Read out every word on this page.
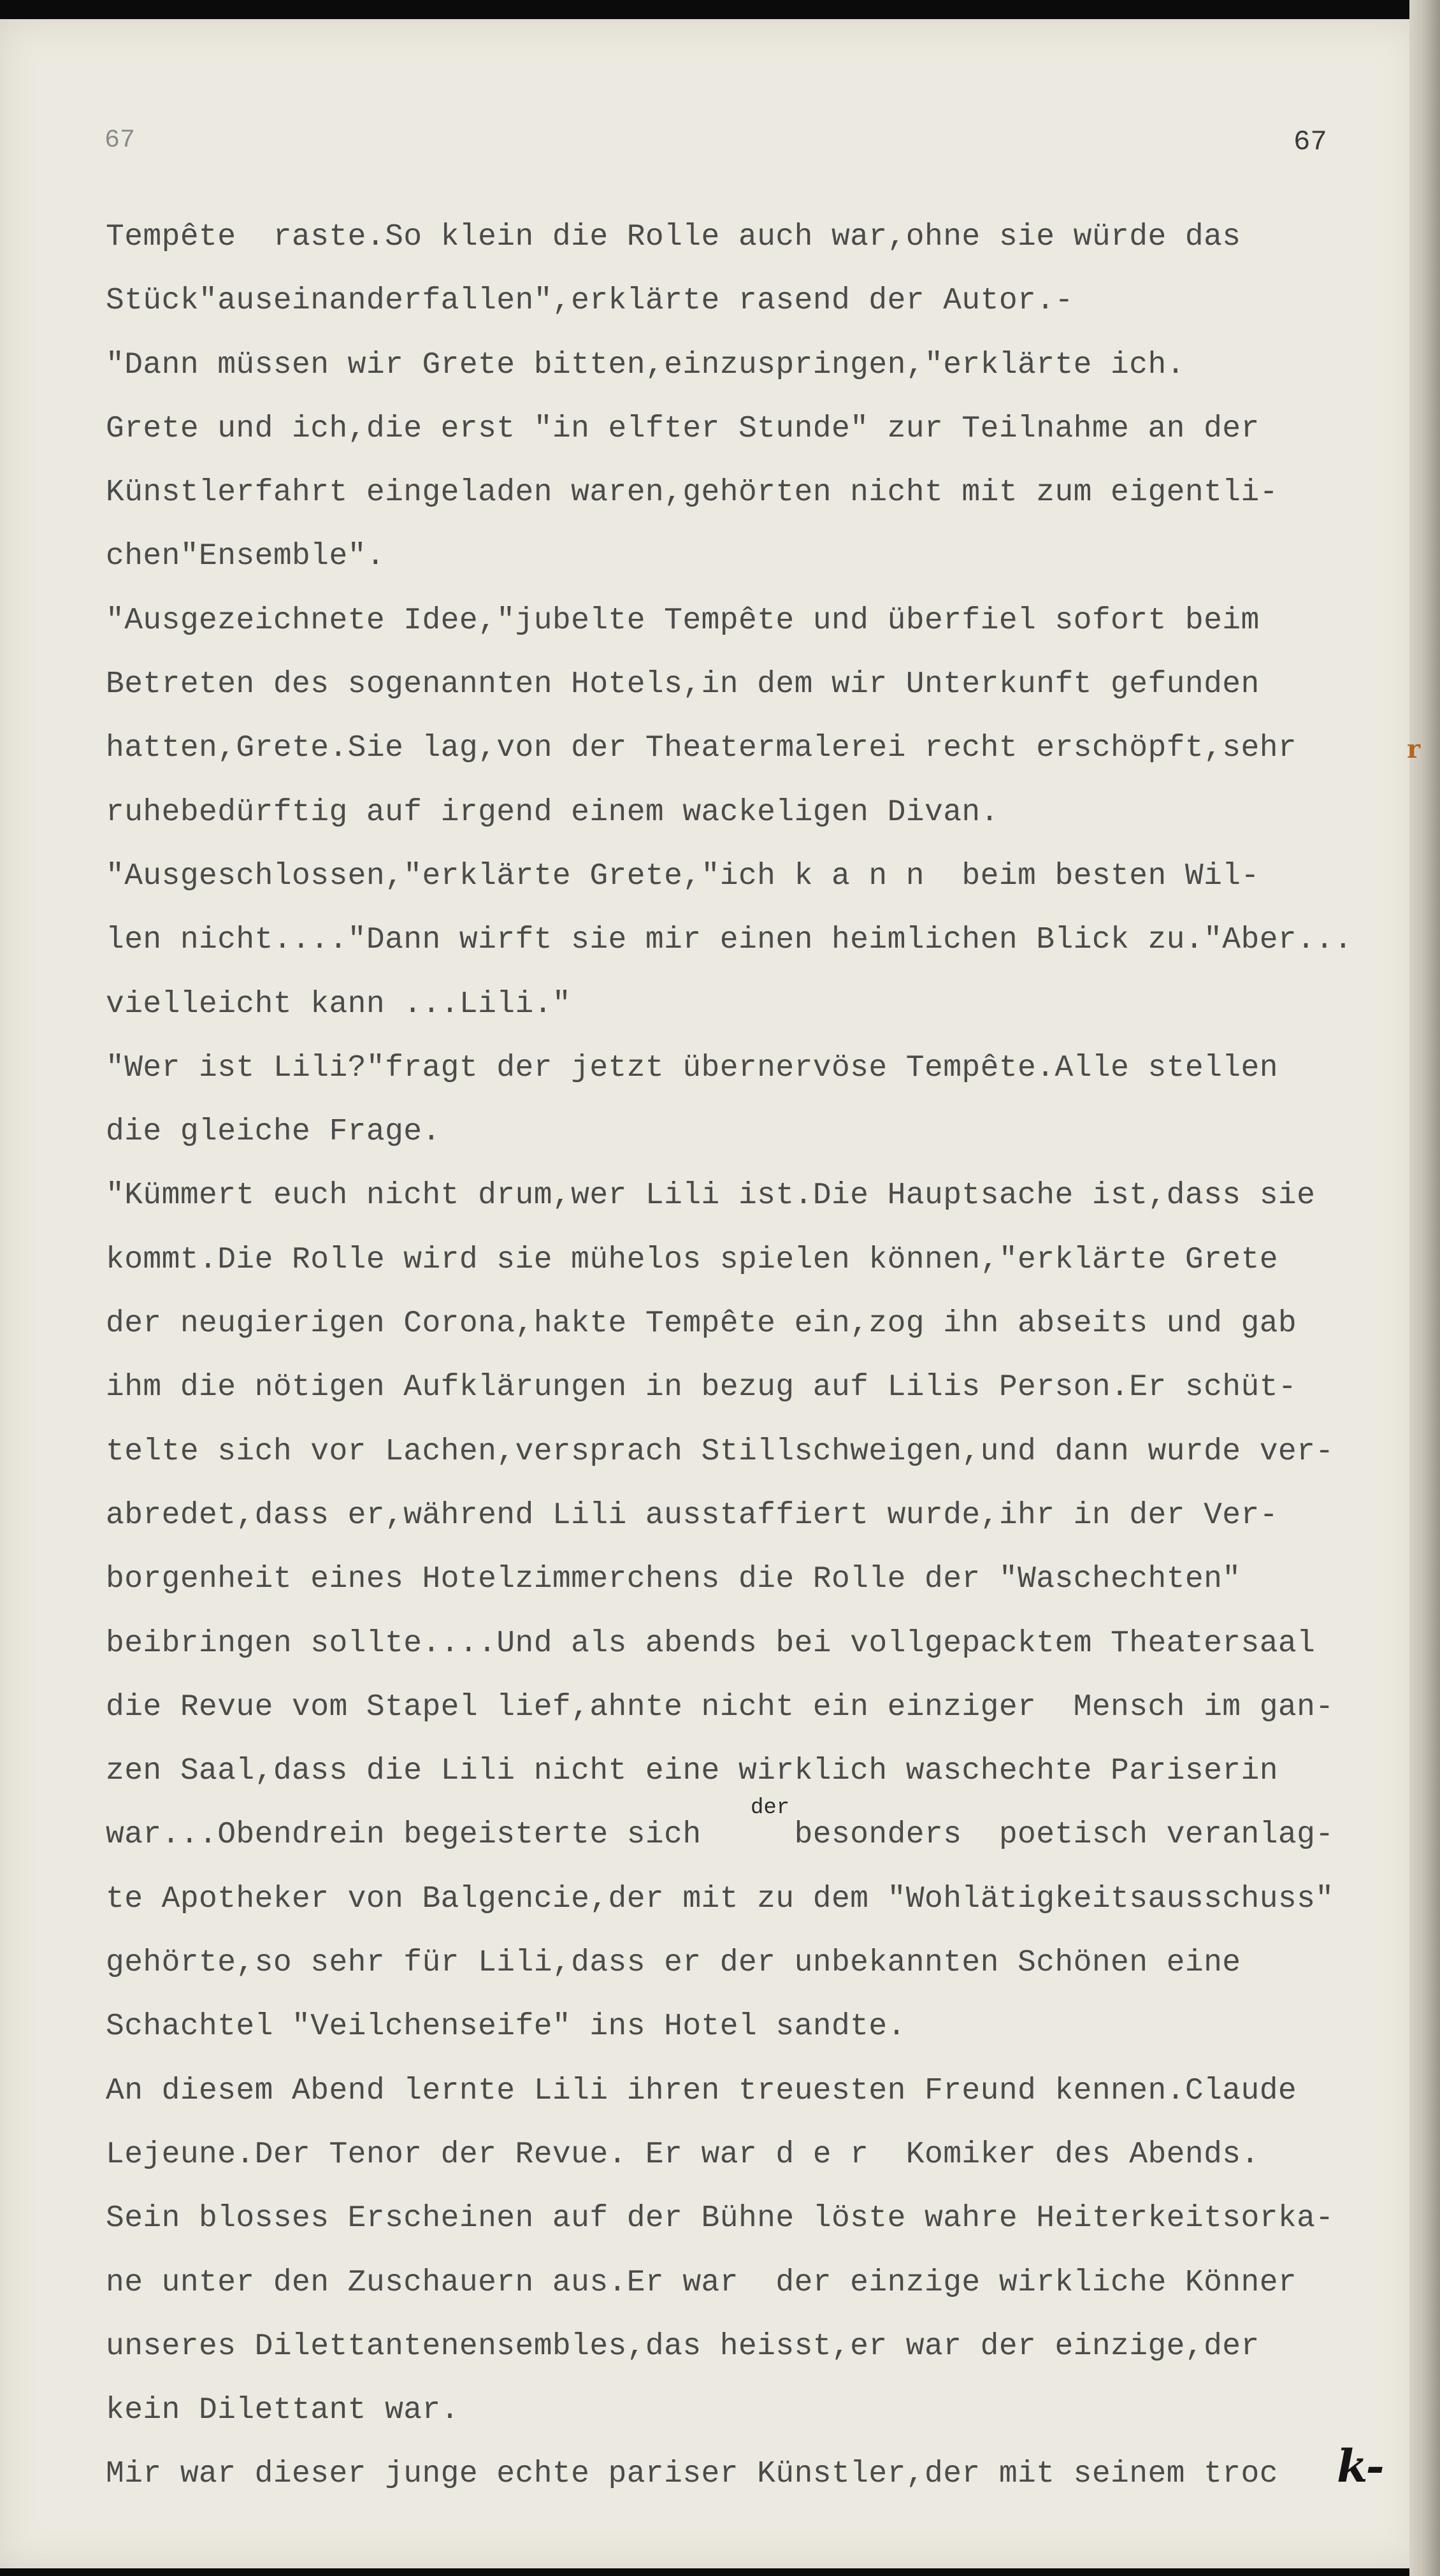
67	67
Tempête  raste.So klein die Rolle auch war,ohne sie würde das
Stück"auseinanderfallen",erklärte rasend der Autor.-
"Dann müssen wir Grete bitten,einzuspringen,"erklärte ich.
Grete und ich,die erst "in elfter Stunde" zur Teilnahme an der
Künstlerfahrt eingeladen waren,gehörten nicht mit zum eigentli-
chen"Ensemble".
"Ausgezeichnete Idee,"jubelte Tempête und überfiel sofort beim
Betreten des sogenannten Hotels,in dem wir Unterkunft gefunden
hatten,Grete.Sie lag,von der Theatermalerei recht erschöpft,sehr
ruhebedürftig auf irgend einem wackeligen Divan.
"Ausgeschlossen,"erklärte Grete,"ich k a n n  beim besten Wil-
len nicht...."Dann wirft sie mir einen heimlichen Blick zu."Aber...
vielleicht kann ...Lili."
"Wer ist Lili?"fragt der jetzt übernervöse Tempête.Alle stellen
die gleiche Frage.
"Kümmert euch nicht drum,wer Lili ist.Die Hauptsache ist,dass sie
kommt.Die Rolle wird sie mühelos spielen können,"erklärte Grete
der neugierigen Corona,hakte Tempête ein,zog ihn abseits und gab
ihm die nötigen Aufklärungen in bezug auf Lilis Person.Er schüt-
telte sich vor Lachen,versprach Stillschweigen,und dann wurde ver-
abredet,dass er,während Lili ausstaffiert wurde,ihr in der Ver-
borgenheit eines Hotelzimmerchens die Rolle der "Waschechten"
beibringen sollte....Und als abends bei vollgepacktem Theatersaal
die Revue vom Stapel lief,ahnte nicht ein einziger  Mensch im gan-
zen Saal,dass die Lili nicht eine wirklich waschechte Pariserin
war...Obendrein begeisterte sich     besonders  poetisch veranlag-
te Apotheker von Balgencie,der mit zu dem "Wohlätigkeitsausschuss"
gehörte,so sehr für Lili,dass er der unbekannten Schönen eine
Schachtel "Veilchenseife" ins Hotel sandte.
An diesem Abend lernte Lili ihren treuesten Freund kennen.Claude
Lejeune.Der Tenor der Revue. Er war d e r  Komiker des Abends.
Sein blosses Erscheinen auf der Bühne löste wahre Heiterkeitsorka-
ne unter den Zuschauern aus.Er war  der einzige wirkliche Könner
unseres Dilettantenensembles,das heisst,er war der einzige,der
kein Dilettant war.
Mir war dieser junge echte pariser Künstler,der mit seinem troc
der
k-
r
